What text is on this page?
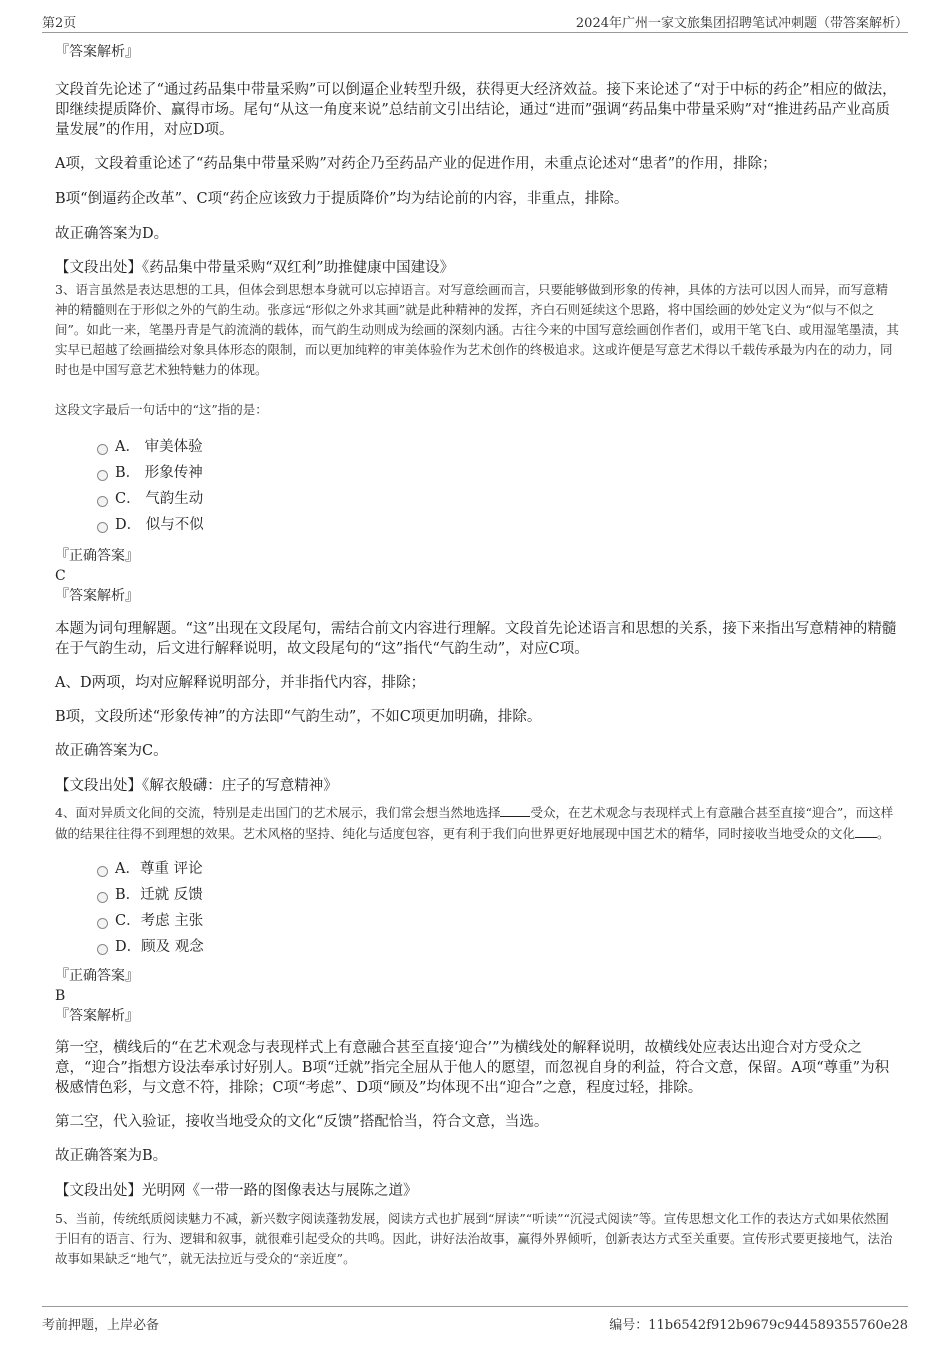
第2页	2024年广州一家文旅集团招聘笔试冲刺题（带答案解析）

『答案解析』

文段首先论述了“通过药品集中带量采购”可以倒逼企业转型升级，获得更大经济效益。接下来论述了“对于中标的药企”相应的做法，即继续提质降价、赢得市场。尾句“从这一角度来说”总结前文引出结论，通过“进而”强调“药品集中带量采购”对“推进药品产业高质量发展”的作用，对应D项。

A项，文段着重论述了“药品集中带量采购”对药企乃至药品产业的促进作用，未重点论述对“患者”的作用，排除；

B项“倒逼药企改革”、C项“药企应该致力于提质降价”均为结论前的内容，非重点，排除。

故正确答案为D。

【文段出处】《药品集中带量采购“双红利”助推健康中国建设》

3、语言虽然是表达思想的工具，但体会到思想本身就可以忘掉语言。对写意绘画而言，只要能够做到形象的传神，具体的方法可以因人而异，而写意精神的精髓则在于形似之外的气韵生动。张彦远“形似之外求其画”就是此种精神的发挥，齐白石则延续这个思路，将中国绘画的妙处定义为“似与不似之间”。如此一来，笔墨丹青是气韵流淌的载体，而气韵生动则成为绘画的深刻内涵。古往今来的中国写意绘画创作者们，或用干笔飞白、或用湿笔墨渍，其实早已超越了绘画描绘对象具体形态的限制，而以更加纯粹的审美体验作为艺术创作的终极追求。这或许便是写意艺术得以千载传承最为内在的动力，同时也是中国写意艺术独特魅力的体现。

这段文字最后一句话中的“这”指的是：

A． 审美体验
B． 形象传神
C． 气韵生动
D． 似与不似

『正确答案』

C

『答案解析』

本题为词句理解题。“这”出现在文段尾句，需结合前文内容进行理解。文段首先论述语言和思想的关系，接下来指出写意精神的精髓在于气韵生动，后文进行解释说明，故文段尾句的“这”指代“气韵生动”，对应C项。

A、D两项，均对应解释说明部分，并非指代内容，排除；

B项，文段所述“形象传神”的方法即“气韵生动”，不如C项更加明确，排除。

故正确答案为C。

【文段出处】《解衣般礴：庄子的写意精神》

4、面对异质文化间的交流，特别是走出国门的艺术展示，我们常会想当然地选择 受众，在艺术观念与表现样式上有意融合甚至直接“迎合”，而这样做的结果往往得不到理想的效果。艺术风格的坚持、纯化与适度包容，更有利于我们向世界更好地展现中国艺术的精华，同时接收当地受众的文化 。

A．尊重 评论
B．迁就 反馈
C．考虑 主张
D．顾及 观念

『正确答案』

B

『答案解析』

第一空，横线后的“在艺术观念与表现样式上有意融合甚至直接‘迎合’”为横线处的解释说明，故横线处应表达出迎合对方受众之意，“迎合”指想方设法奉承讨好别人。B项“迁就”指完全屈从于他人的愿望，而忽视自身的利益，符合文意，保留。A项“尊重”为积极感情色彩，与文意不符，排除；C项“考虑”、D项“顾及”均体现不出“迎合”之意，程度过轻，排除。

第二空，代入验证，接收当地受众的文化“反馈”搭配恰当，符合文意，当选。

故正确答案为B。

【文段出处】光明网《一带一路的图像表达与展陈之道》

5、当前，传统纸质阅读魅力不减，新兴数字阅读蓬勃发展，阅读方式也扩展到“屏读”“听读”“沉浸式阅读”等。宣传思想文化工作的表达方式如果依然囿于旧有的语言、行为、逻辑和叙事，就很难引起受众的共鸣。因此，讲好法治故事，赢得外界倾听，创新表达方式至关重要。宣传形式要更接地气，法治故事如果缺乏“地气”，就无法拉近与受众的“亲近度”。

考前押题，上岸必备	编号：11b6542f912b9679c944589355760e28
